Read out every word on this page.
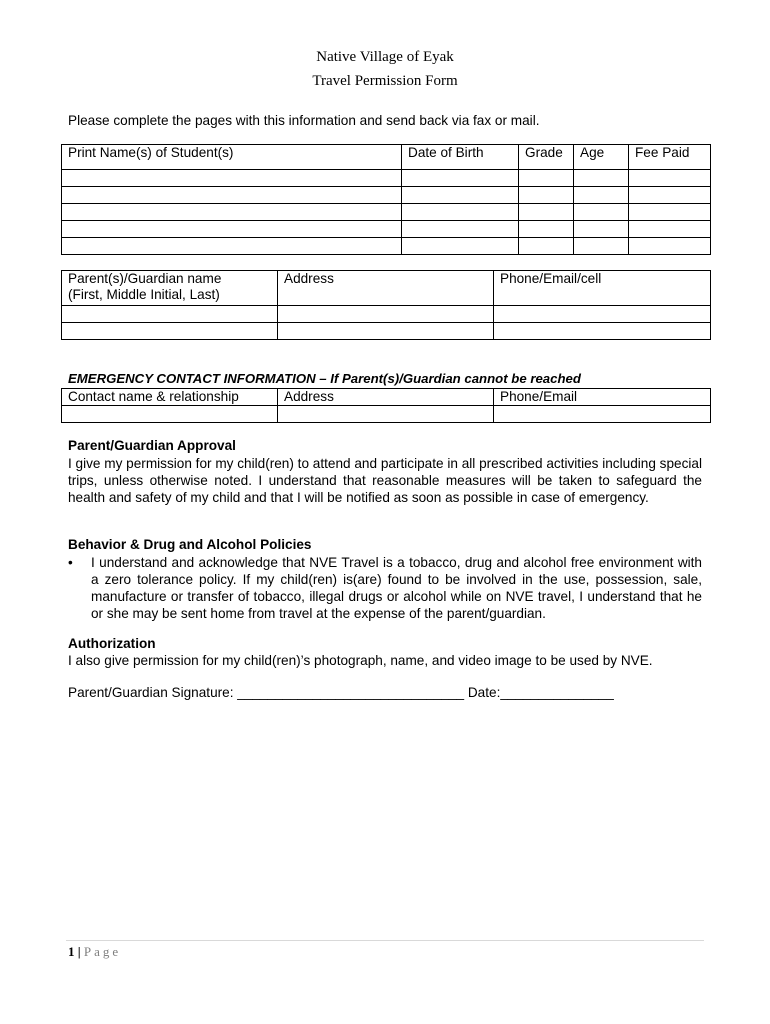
Native Village of Eyak
Travel Permission Form
Please complete the pages with this information and send back via fax or mail.
Print Name(s) of Student(s)	Date of Birth	Grade	Age	Fee Paid

Parent(s)/Guardian name
(First, Middle Initial, Last)	Address	Phone/Email/cell

EMERGENCY CONTACT INFORMATION – If Parent(s)/Guardian cannot be reached
Contact name & relationship	Address	Phone/Email

Parent/Guardian Approval
I give my permission for my child(ren) to attend and participate in all prescribed activities including special trips, unless otherwise noted. I understand that reasonable measures will be taken to safeguard the health and safety of my child and that I will be notified as soon as possible in case of emergency.
Behavior & Drug and Alcohol Policies
• I understand and acknowledge that NVE Travel is a tobacco, drug and alcohol free environment with a zero tolerance policy. If my child(ren) is(are) found to be involved in the use, possession, sale, manufacture or transfer of tobacco, illegal drugs or alcohol while on NVE travel, I understand that he or she may be sent home from travel at the expense of the parent/guardian.
Authorization
I also give permission for my child(ren)’s photograph, name, and video image to be used by NVE.
Parent/Guardian Signature: ______________________________ Date:_______________
1 | Page
